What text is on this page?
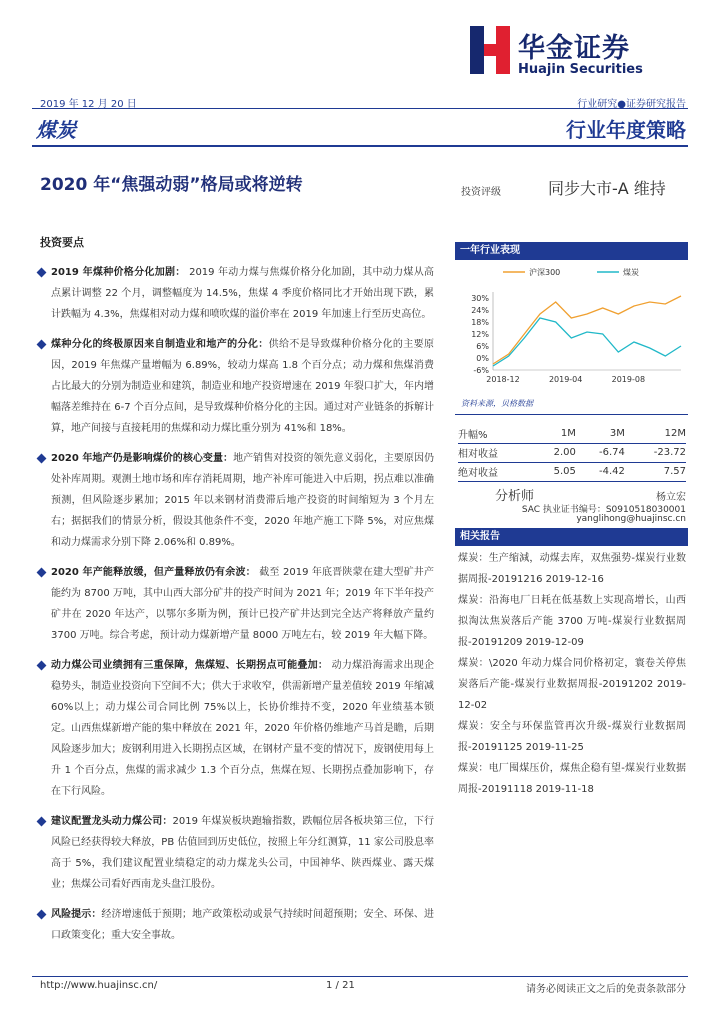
华金证券
Huajin Securities
2019 年 12 月 20 日	行业研究●证券研究报告
煤炭	行业年度策略
2020 年“焦强动弱”格局或将逆转	投资评级	同步大市-A 维持
投资要点
2019 年煤种价格分化加剧： 2019 年动力煤与焦煤价格分化加剧，其中动力煤从高点累计调整 22 个月，调整幅度为 14.5%，焦煤 4 季度价格同比才开始出现下跌，累计跌幅为 4.3%，焦煤相对动力煤和喷吹煤的溢价率在 2019 年加速上行至历史高位。
煤种分化的终极原因来自制造业和地产的分化：供给不是导致煤种价格分化的主要原因，2019 年焦煤产量增幅为 6.89%，较动力煤高 1.8 个百分点；动力煤和焦煤消费占比最大的分别为制造业和建筑，制造业和地产投资增速在 2019 年裂口扩大，年内增幅落差维持在 6-7 个百分点间，是导致煤种价格分化的主因。通过对产业链条的拆解计算，地产间接与直接耗用的焦煤和动力煤比重分别为 41%和 18%。
2020 年地产仍是影响煤价的核心变量：地产销售对投资的领先意义弱化，主要原因仍处补库周期。观测土地市场和库存消耗周期，地产补库可能进入中后期，拐点难以准确预测，但风险逐步累加；2015 年以来钢材消费滞后地产投资的时间缩短为 3 个月左右；据据我们的情景分析，假设其他条件不变，2020 年地产施工下降 5%，对应焦煤和动力煤需求分别下降 2.06%和 0.89%。
2020 年产能释放缓，但产量释放仍有余波： 截至 2019 年底晋陕蒙在建大型矿井产能约为 8700 万吨，其中山西大部分矿井的投产时间为 2021 年；2019 年下半年投产矿井在 2020 年达产，以鄂尔多斯为例，预计已投产矿井达到完全达产将释放产量约 3700 万吨。综合考虑，预计动力煤新增产量 8000 万吨左右，较 2019 年大幅下降。
动力煤公司业绩拥有三重保障，焦煤短、长期拐点可能叠加： 动力煤沿海需求出现企稳势头，制造业投资向下空间不大；供大于求收窄，供需新增产量差值较 2019 年缩减 60%以上；动力煤公司合同比例 75%以上，长协价维持不变，2020 年业绩基本锁定。山西焦煤新增产能的集中释放在 2021 年，2020 年价格仍维地产马首是瞻，后期风险逐步加大；废钢利用进入长期拐点区域，在钢材产量不变的情况下，废钢使用每上升 1 个百分点，焦煤的需求减少 1.3 个百分点，焦煤在短、长期拐点叠加影响下，存在下行风险。
建议配置龙头动力煤公司：2019 年煤炭板块跑输指数，跌幅位居各板块第三位，下行风险已经获得较大释放，PB 估值回到历史低位，按照上年分红测算，11 家公司股息率高于 5%，我们建议配置业绩稳定的动力煤龙头公司，中国神华、陕西煤业、露天煤业；焦煤公司看好西南龙头盘江股份。
风险提示：经济增速低于预期；地产政策松动或景气持续时间超预期；安全、环保、进口政策变化；重大安全事故。
一年行业表现
-6%
0%
6%
12%
18%
24%
30%
2018-12	2019-04	2019-08
沪深300	煤炭
资料来源，贝格数据
升幅%	1M	3M	12M
相对收益	2.00	-6.74	-23.72
绝对收益	5.05	-4.42	7.57
分析师	杨立宏
SAC 执业证书编号：S0910518030001
yanglihong@huajinsc.cn
相关报告

煤炭：生产缩減，动煤去库，双焦强势-煤炭行业数据周报-20191216 2019-12-16

煤炭：沿海电厂日耗在低基数上实现高增长，山西拟淘汰焦炭落后产能 3700 万吨-煤炭行业数据周报-20191209 2019-12-09

煤炭：\2020 年动力煤合同价格初定，寰卷关停焦炭落后产能-煤炭行业数据周报-20191202 2019-12-02

煤炭：安全与环保监管再次升级-煤炭行业数据周报-20191125 2019-11-25

煤炭：电厂囤煤压价，煤焦企稳有望-煤炭行业数据周报-20191118 2019-11-18

http://www.huajinsc.cn/	1 / 21	请务必阅读正文之后的免责条款部分
